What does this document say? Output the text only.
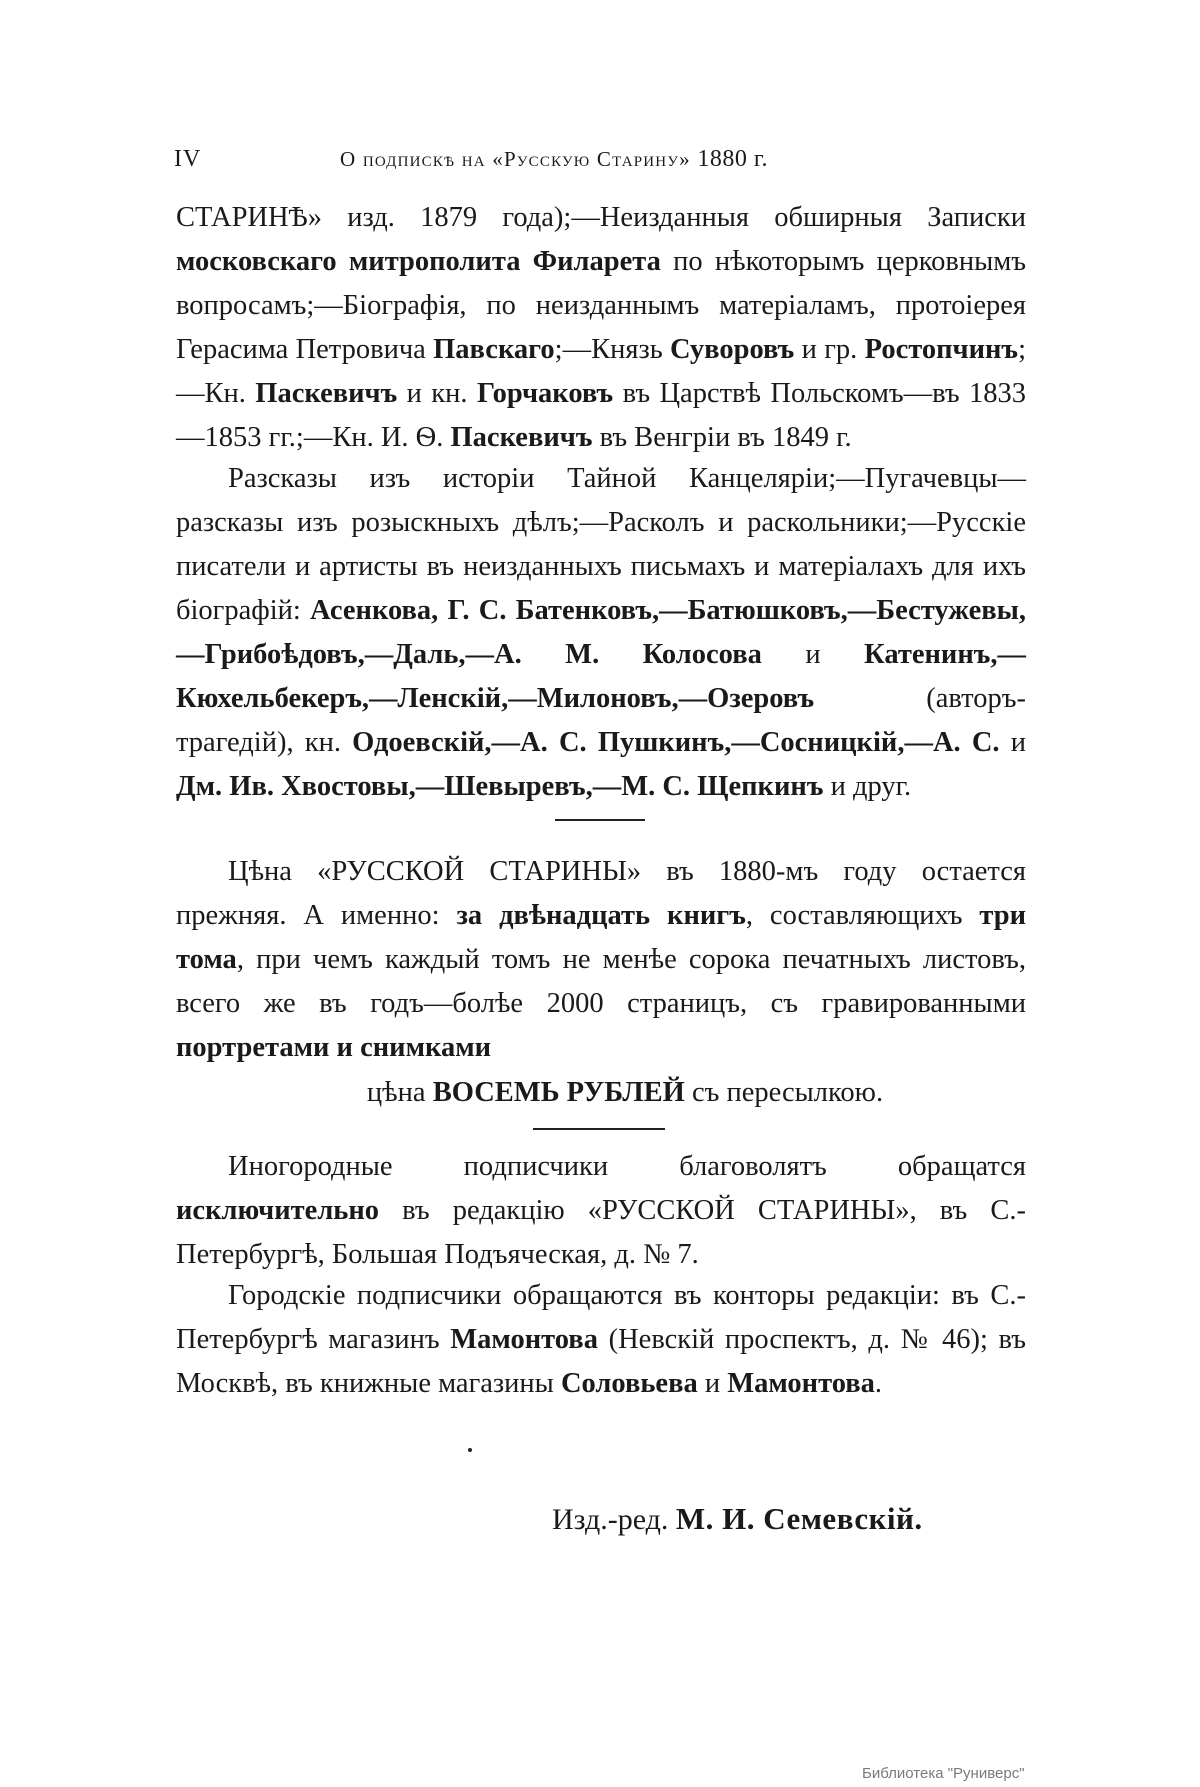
IV	О подпискѣ на «Русскую Старину» 1880 г.

СТАРИНѢ» изд. 1879 года);—Неизданныя обширныя Записки московскаго митрополита Филарета по нѣкоторымъ церковнымъ вопросамъ;—Біографія, по неизданнымъ матеріаламъ, протоіерея Герасима Петровича Павскаго;—Князь Суворовъ и гр. Ростопчинъ;—Кн. Паскевичъ и кн. Горчаковъ въ Царствѣ Польскомъ—въ 1833—1853 гг.;—Кн. И. Ѳ. Паскевичъ въ Венгріи въ 1849 г.

Разсказы изъ исторіи Тайной Канцеляріи;—Пугачевцы—разсказы изъ розыскныхъ дѣлъ;—Расколъ и раскольники;—Русскіе писатели и артисты въ неизданныхъ письмахъ и матеріалахъ для ихъ біографій: Асенкова, Г. С. Батенковъ,—Батюшковъ,—Бестужевы,—Грибоѣдовъ,—Даль,—А. М. Колосова и Катенинъ,—Кюхельбекеръ,—Ленскій,—Милоновъ,—Озеровъ (авторъ-трагедій), кн. Одоевскій,—А. С. Пушкинъ,—Сосницкій,—А. С. и Дм. Ив. Хвостовы,—Шевыревъ,—М. С. Щепкинъ и друг.

Цѣна «РУССКОЙ СТАРИНЫ» въ 1880-мъ году остается прежняя. А именно: за двѣнадцать книгъ, составляющихъ три тома, при чемъ каждый томъ не менѣе сорока печатныхъ листовъ, всего же въ годъ—болѣе 2000 страницъ, съ гравированными портретами и снимками

цѣна ВОСЕМЬ РУБЛЕЙ съ пересылкою.

Иногородные подписчики благоволятъ обращатся исключительно въ редакцію «РУССКОЙ СТАРИНЫ», въ С.-Петербургѣ, Большая Подъяческая, д. № 7.

Городскіе подписчики обращаются въ конторы редакціи: въ С.-Петербургѣ магазинъ Мамонтова (Невскій проспектъ, д. № 46); въ Москвѣ, въ книжные магазины Соловьева и Мамонтова.

Изд.-ред. М. И. Семевскій.
Библиотека "Руниверс"
